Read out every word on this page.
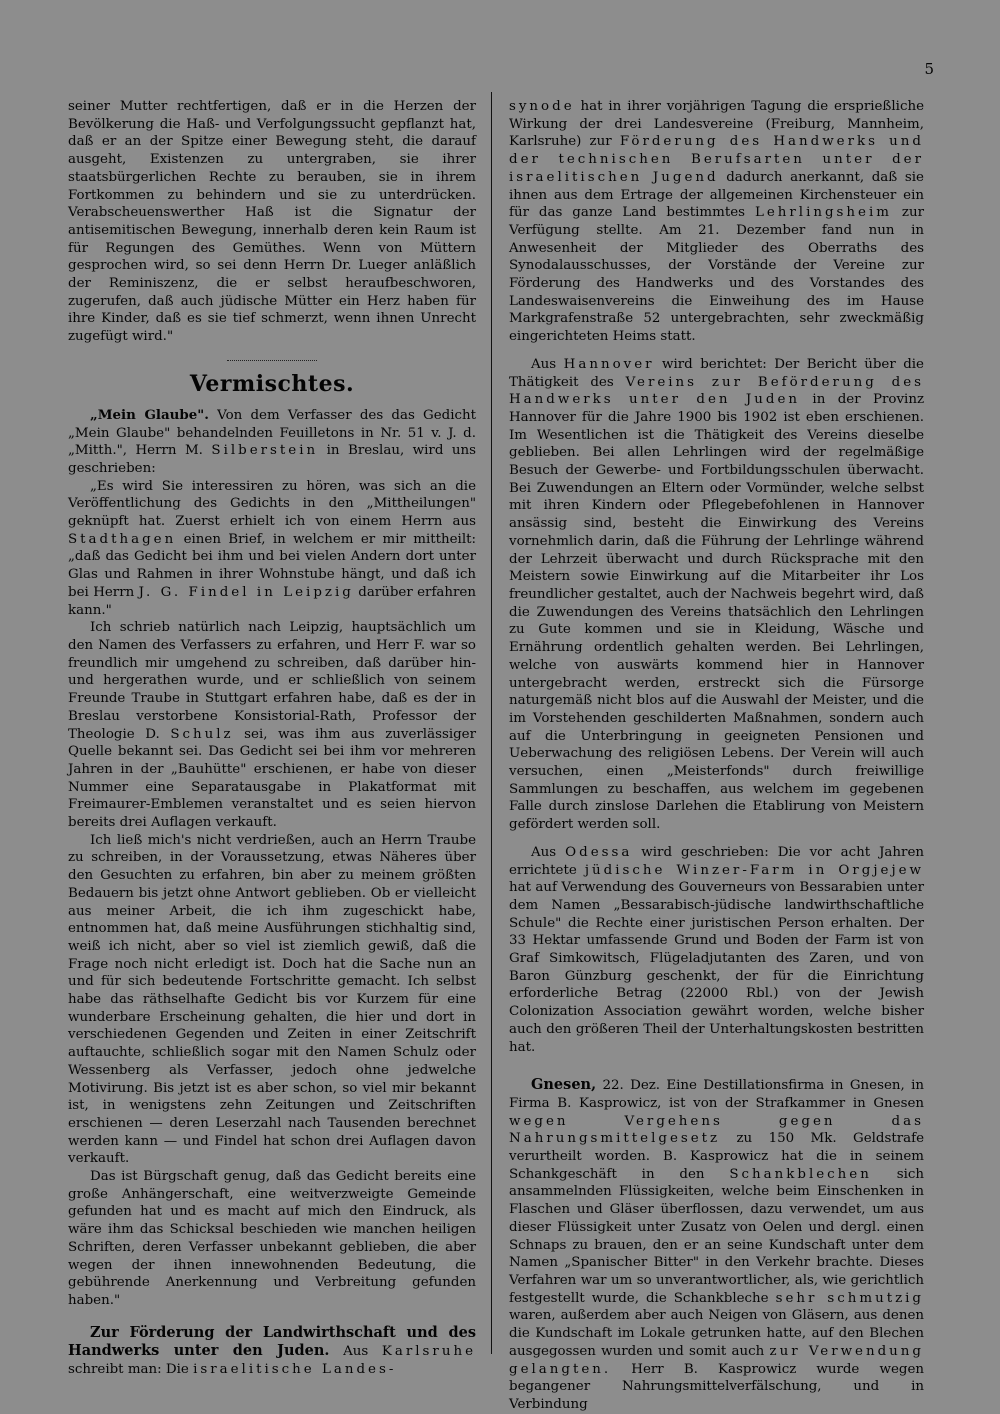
5

seiner Mutter rechtfertigen, daß er in die Herzen der Bevölkerung die Haß- und Verfolgungssucht gepflanzt hat, daß er an der Spitze einer Bewegung steht, die darauf ausgeht, Existenzen zu untergraben, sie ihrer staatsbürgerlichen Rechte zu berauben, sie in ihrem Fortkommen zu behindern und sie zu unterdrücken. Verabscheuenswerther Haß ist die Signatur der antisemitischen Bewegung, innerhalb deren kein Raum ist für Regungen des Gemüthes. Wenn von Müttern gesprochen wird, so sei denn Herrn Dr. Lueger anläßlich der Reminiszenz, die er selbst heraufbeschworen, zugerufen, daß auch jüdische Mütter ein Herz haben für ihre Kinder, daß es sie tief schmerzt, wenn ihnen Unrecht zugefügt wird."

Vermischtes.

„Mein Glaube". Von dem Verfasser des das Gedicht „Mein Glaube" behandelnden Feuilletons in Nr. 51 v. J. d. „Mitth.", Herrn M. Silberstein in Breslau, wird uns geschrieben:

„Es wird Sie interessiren zu hören, was sich an die Veröffentlichung des Gedichts in den „Mittheilungen" geknüpft hat. Zuerst erhielt ich von einem Herrn aus Stadthagen einen Brief, in welchem er mir mittheilt: „daß das Gedicht bei ihm und bei vielen Andern dort unter Glas und Rahmen in ihrer Wohnstube hängt, und daß ich bei Herrn J. G. Findel in Leipzig darüber erfahren kann."

Ich schrieb natürlich nach Leipzig, hauptsächlich um den Namen des Verfassers zu erfahren, und Herr F. war so freundlich mir umgehend zu schreiben, daß darüber hin- und hergerathen wurde, und er schließlich von seinem Freunde Traube in Stuttgart erfahren habe, daß es der in Breslau verstorbene Konsistorial-Rath, Professor der Theologie D. Schulz sei, was ihm aus zuverlässiger Quelle bekannt sei. Das Gedicht sei bei ihm vor mehreren Jahren in der „Bauhütte" erschienen, er habe von dieser Nummer eine Separatausgabe in Plakatformat mit Freimaurer-Emblemen veranstaltet und es seien hiervon bereits drei Auflagen verkauft.

Ich ließ mich's nicht verdrießen, auch an Herrn Traube zu schreiben, in der Voraussetzung, etwas Näheres über den Gesuchten zu erfahren, bin aber zu meinem größten Bedauern bis jetzt ohne Antwort geblieben. Ob er vielleicht aus meiner Arbeit, die ich ihm zugeschickt habe, entnommen hat, daß meine Ausführungen stichhaltig sind, weiß ich nicht, aber so viel ist ziemlich gewiß, daß die Frage noch nicht erledigt ist. Doch hat die Sache nun an und für sich bedeutende Fortschritte gemacht. Ich selbst habe das räthselhafte Gedicht bis vor Kurzem für eine wunderbare Erscheinung gehalten, die hier und dort in verschiedenen Gegenden und Zeiten in einer Zeitschrift auftauchte, schließlich sogar mit den Namen Schulz oder Wessenberg als Verfasser, jedoch ohne jedwelche Motivirung. Bis jetzt ist es aber schon, so viel mir bekannt ist, in wenigstens zehn Zeitungen und Zeitschriften erschienen — deren Leserzahl nach Tausenden berechnet werden kann — und Findel hat schon drei Auflagen davon verkauft.

Das ist Bürgschaft genug, daß das Gedicht bereits eine große Anhängerschaft, eine weitverzweigte Gemeinde gefunden hat und es macht auf mich den Eindruck, als wäre ihm das Schicksal beschieden wie manchen heiligen Schriften, deren Verfasser unbekannt geblieben, die aber wegen der ihnen innewohnenden Bedeutung, die gebührende Anerkennung und Verbreitung gefunden haben."

Zur Förderung der Landwirthschaft und des Handwerks unter den Juden. Aus Karlsruhe schreibt man: Die israelitische Landes-

synode hat in ihrer vorjährigen Tagung die ersprießliche Wirkung der drei Landesvereine (Freiburg, Mannheim, Karlsruhe) zur Förderung des Handwerks und der technischen Berufsarten unter der israelitischen Jugend dadurch anerkannt, daß sie ihnen aus dem Ertrage der allgemeinen Kirchensteuer ein für das ganze Land bestimmtes Lehrlingsheim zur Verfügung stellte. Am 21. Dezember fand nun in Anwesenheit der Mitglieder des Oberraths des Synodalausschusses, der Vorstände der Vereine zur Förderung des Handwerks und des Vorstandes des Landeswaisenvereins die Einweihung des im Hause Markgrafenstraße 52 untergebrachten, sehr zweckmäßig eingerichteten Heims statt.

Aus Hannover wird berichtet: Der Bericht über die Thätigkeit des Vereins zur Beförderung des Handwerks unter den Juden in der Provinz Hannover für die Jahre 1900 bis 1902 ist eben erschienen. Im Wesentlichen ist die Thätigkeit des Vereins dieselbe geblieben. Bei allen Lehrlingen wird der regelmäßige Besuch der Gewerbe- und Fortbildungsschulen überwacht. Bei Zuwendungen an Eltern oder Vormünder, welche selbst mit ihren Kindern oder Pflegebefohlenen in Hannover ansässig sind, besteht die Einwirkung des Vereins vornehmlich darin, daß die Führung der Lehrlinge während der Lehrzeit überwacht und durch Rücksprache mit den Meistern sowie Einwirkung auf die Mitarbeiter ihr Los freundlicher gestaltet, auch der Nachweis begehrt wird, daß die Zuwendungen des Vereins thatsächlich den Lehrlingen zu Gute kommen und sie in Kleidung, Wäsche und Ernährung ordentlich gehalten werden. Bei Lehrlingen, welche von auswärts kommend hier in Hannover untergebracht werden, erstreckt sich die Fürsorge naturgemäß nicht blos auf die Auswahl der Meister, und die im Vorstehenden geschilderten Maßnahmen, sondern auch auf die Unterbringung in geeigneten Pensionen und Ueberwachung des religiösen Lebens. Der Verein will auch versuchen, einen „Meisterfonds" durch freiwillige Sammlungen zu beschaffen, aus welchem im gegebenen Falle durch zinslose Darlehen die Etablirung von Meistern gefördert werden soll.

Aus Odessa wird geschrieben: Die vor acht Jahren errichtete jüdische Winzer-Farm in Orgjejew hat auf Verwendung des Gouverneurs von Bessarabien unter dem Namen „Bessarabisch-jüdische landwirthschaftliche Schule" die Rechte einer juristischen Person erhalten. Der 33 Hektar umfassende Grund und Boden der Farm ist von Graf Simkowitsch, Flügeladjutanten des Zaren, und von Baron Günzburg geschenkt, der für die Einrichtung erforderliche Betrag (22000 Rbl.) von der Jewish Colonization Association gewährt worden, welche bisher auch den größeren Theil der Unterhaltungskosten bestritten hat.

Gnesen, 22. Dez. Eine Destillationsfirma in Gnesen, in Firma B. Kasprowicz, ist von der Strafkammer in Gnesen wegen Vergehens gegen das Nahrungsmittelgesetz zu 150 Mk. Geldstrafe verurtheilt worden. B. Kasprowicz hat die in seinem Schankgeschäft in den Schankblechen sich ansammelnden Flüssigkeiten, welche beim Einschenken in Flaschen und Gläser überflossen, dazu verwendet, um aus dieser Flüssigkeit unter Zusatz von Oelen und dergl. einen Schnaps zu brauen, den er an seine Kundschaft unter dem Namen „Spanischer Bitter" in den Verkehr brachte. Dieses Verfahren war um so unverantwortlicher, als, wie gerichtlich festgestellt wurde, die Schankbleche sehr schmutzig waren, außerdem aber auch Neigen von Gläsern, aus denen die Kundschaft im Lokale getrunken hatte, auf den Blechen ausgegossen wurden und somit auch zur Verwendung gelangten. Herr B. Kasprowicz wurde wegen begangener Nahrungsmittelverfälschung, und in Verbindung
